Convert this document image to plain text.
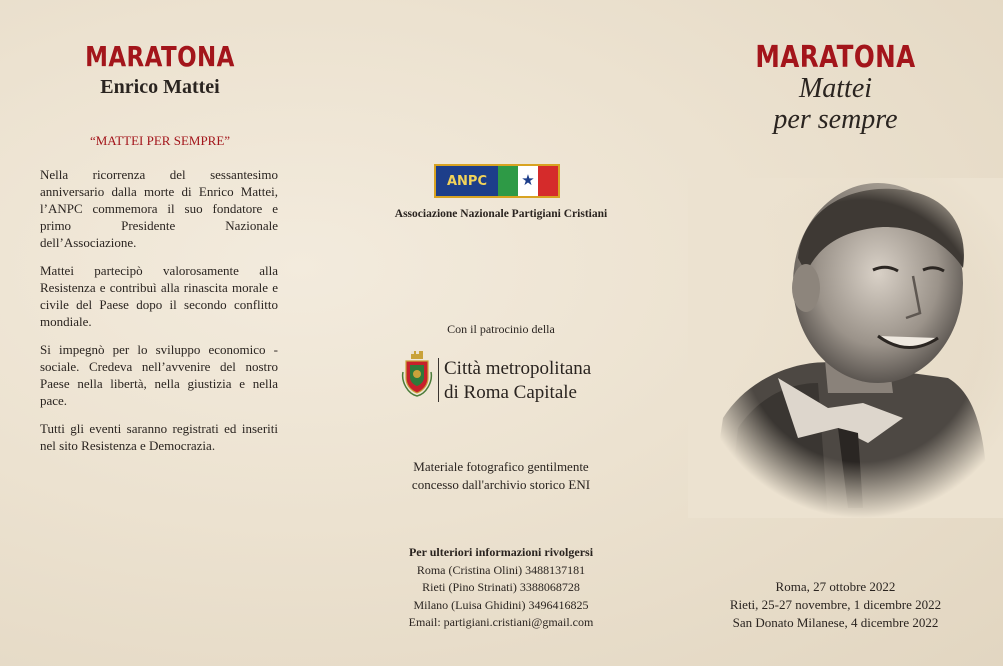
MARATONA
Enrico Mattei
“MATTEI PER SEMPRE”

Nella ricorrenza del sessantesimo anniversario dalla morte di Enrico Mattei, l’ANPC commemora il suo fondatore e primo Presidente Nazionale dell’Associazione.

Mattei partecipò valorosamente alla Resistenza e contribuì alla rinascita morale e civile del Paese dopo il secondo conflitto mondiale.

Si impegnò per lo sviluppo economico -sociale. Credeva nell’avvenire del nostro Paese nella libertà, nella giustizia e nella pace.

Tutti gli eventi saranno registrati ed inseriti nel sito Resistenza e Democrazia.

ANPC	★
Associazione Nazionale Partigiani Cristiani
Con il patrocinio della
Città metropolitana
di Roma Capitale
Materiale fotografico gentilmente
concesso dall'archivio storico ENI
Per ulteriori informazioni rivolgersi
Roma (Cristina Olini) 3488137181
Rieti (Pino Strinati) 3388068728
Milano (Luisa Ghidini) 3496416825
Email: partigiani.cristiani@gmail.com
MARATONA
Mattei
per sempre
Roma, 27 ottobre 2022
Rieti, 25-27 novembre, 1 dicembre 2022
San Donato Milanese, 4 dicembre 2022
